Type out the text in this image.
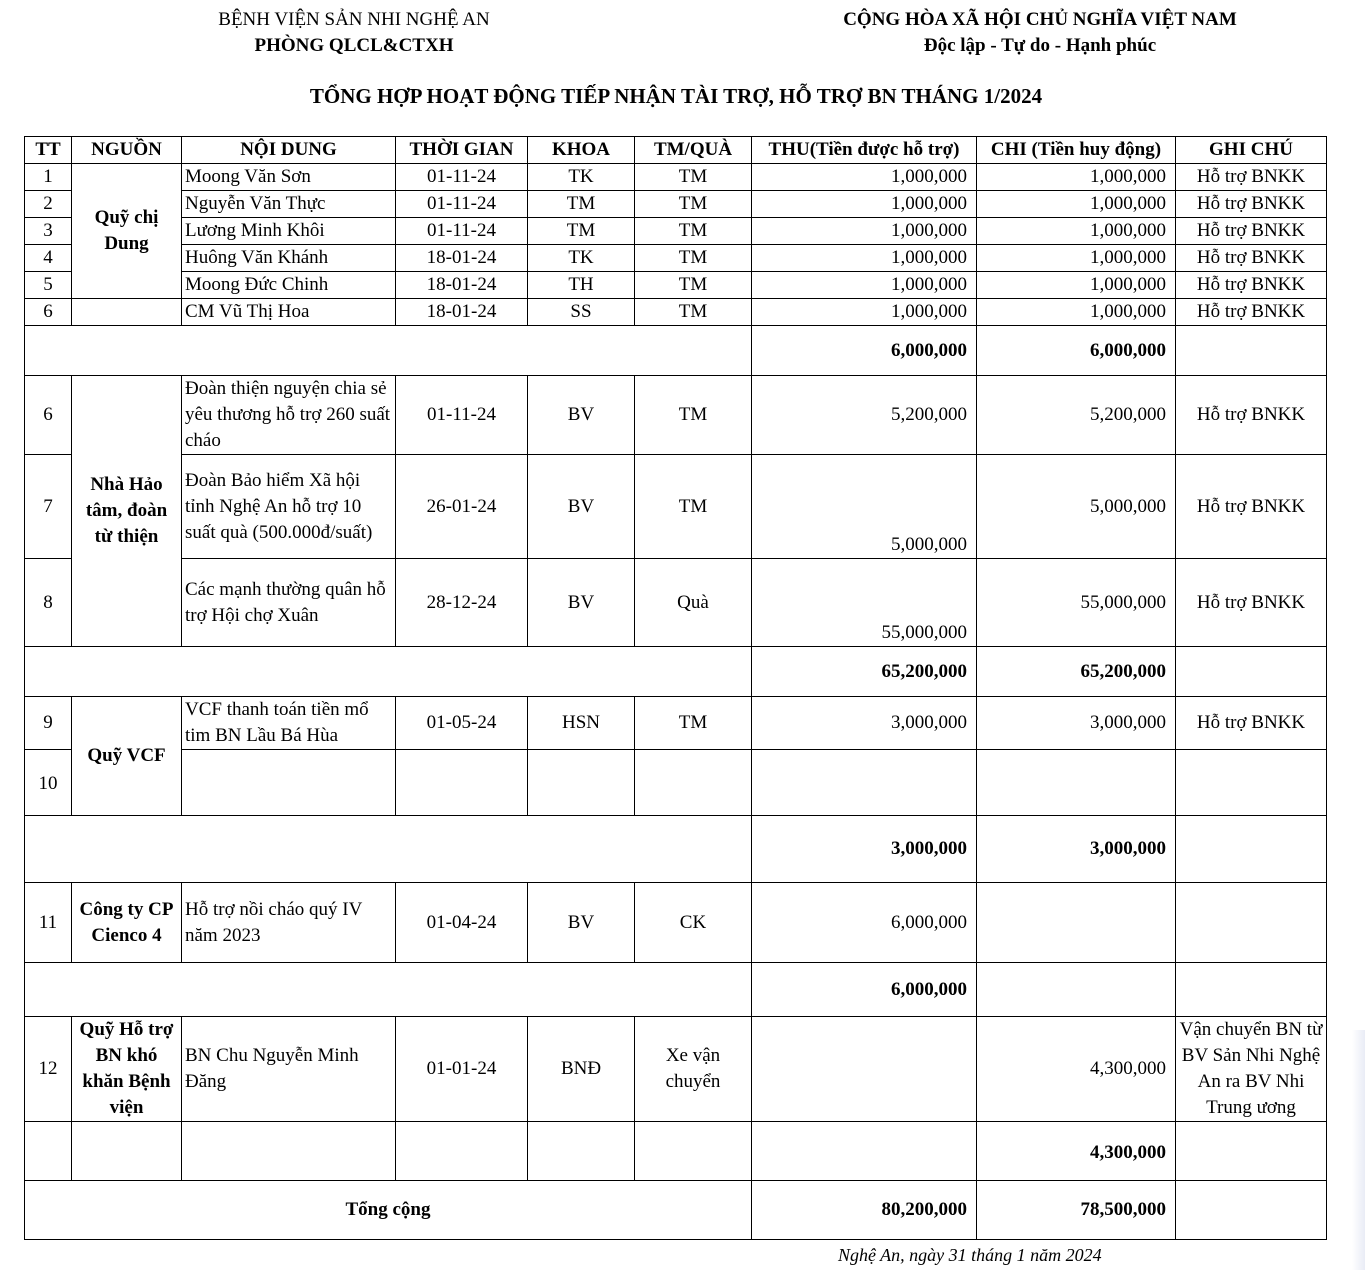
BỆNH VIỆN SẢN NHI NGHỆ AN
PHÒNG QLCL&CTXH
CỘNG HÒA XÃ HỘI CHỦ NGHĨA VIỆT NAM
Độc lập - Tự do - Hạnh phúc
TỔNG HỢP HOẠT ĐỘNG TIẾP NHẬN TÀI TRỢ, HỖ TRỢ BN THÁNG 1/2024
TT	NGUỒN	NỘI DUNG	THỜI GIAN	KHOA	TM/QUÀ	THU(Tiền được hỗ trợ)	CHI (Tiền huy động)	GHI CHÚ
1	Quỹ chị Dung	Moong Văn Sơn	01-11-24	TK	TM	1,000,000	1,000,000	Hỗ trợ BNKK
2		Nguyễn Văn Thực	01-11-24	TM	TM	1,000,000	1,000,000	Hỗ trợ BNKK
3		Lương Minh Khôi	01-11-24	TM	TM	1,000,000	1,000,000	Hỗ trợ BNKK
4		Huông Văn Khánh	18-01-24	TK	TM	1,000,000	1,000,000	Hỗ trợ BNKK
5		Moong Đức Chinh	18-01-24	TH	TM	1,000,000	1,000,000	Hỗ trợ BNKK
6		CM Vũ Thị Hoa	18-01-24	SS	TM	1,000,000	1,000,000	Hỗ trợ BNKK
						6,000,000	6,000,000	
6	Nhà Hảo tâm, đoàn từ thiện	Đoàn thiện nguyện chia sẻ yêu thương hỗ trợ 260 suất cháo	01-11-24	BV	TM	5,200,000	5,200,000	Hỗ trợ BNKK
7		Đoàn Bảo hiểm Xã hội tỉnh Nghệ An hỗ trợ 10 suất quà (500.000đ/suất)	26-01-24	BV	TM	5,000,000	5,000,000	Hỗ trợ BNKK
8		Các mạnh thường quân hỗ trợ Hội chợ Xuân	28-12-24	BV	Quà	55,000,000	55,000,000	Hỗ trợ BNKK
						65,200,000	65,200,000	
9	Quỹ VCF	VCF thanh toán tiền mổ tim BN Lầu Bá Hùa	01-05-24	HSN	TM	3,000,000	3,000,000	Hỗ trợ BNKK
10								
						3,000,000	3,000,000	
11	Công ty CP Cienco 4	Hỗ trợ nồi cháo quý IV năm 2023	01-04-24	BV	CK	6,000,000		
						6,000,000		
12	Quỹ Hỗ trợ BN khó khăn Bệnh viện	BN Chu Nguyễn Minh Đăng	01-01-24	BNĐ	Xe vận chuyển		4,300,000	Vận chuyển BN từ BV Sản Nhi Nghệ An ra BV Nhi Trung ương
							4,300,000	
Tổng cộng						80,200,000	78,500,000	
Nghệ An, ngày 31 tháng 1 năm 2024
